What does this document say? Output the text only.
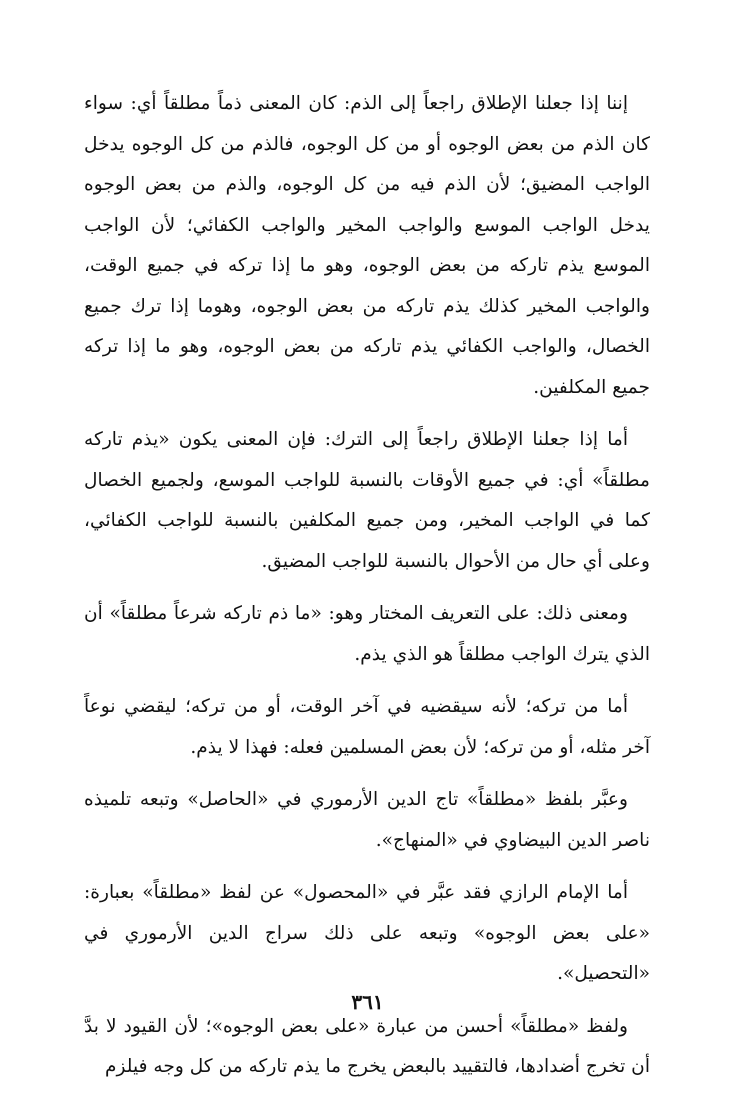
إننا إذا جعلنا الإطلاق راجعاً إلى الذم: كان المعنى ذماً مطلقاً أي: سواء كان الذم من بعض الوجوه أو من كل الوجوه، فالذم من كل الوجوه يدخل الواجب المضيق؛ لأن الذم فيه من كل الوجوه، والذم من بعض الوجوه يدخل الواجب الموسع والواجب المخير والواجب الكفائي؛ لأن الواجب الموسع يذم تاركه من بعض الوجوه، وهو ما إذا تركه في جميع الوقت، والواجب المخير كذلك يذم تاركه من بعض الوجوه، وهوما إذا ترك جميع الخصال، والواجب الكفائي يذم تاركه من بعض الوجوه، وهو ما إذا تركه جميع المكلفين.

أما إذا جعلنا الإطلاق راجعاً إلى الترك: فإن المعنى يكون «يذم تاركه مطلقاً» أي: في جميع الأوقات بالنسبة للواجب الموسع، ولجميع الخصال كما في الواجب المخير، ومن جميع المكلفين بالنسبة للواجب الكفائي، وعلى أي حال من الأحوال بالنسبة للواجب المضيق.

ومعنى ذلك: على التعريف المختار وهو: «ما ذم تاركه شرعاً مطلقاً» أن الذي يترك الواجب مطلقاً هو الذي يذم.

أما من تركه؛ لأنه سيقضيه في آخر الوقت، أو من تركه؛ ليقضي نوعاً آخر مثله، أو من تركه؛ لأن بعض المسلمين فعله: فهذا لا يذم.

وعبَّر بلفظ «مطلقاً» تاج الدين الأرموري في «الحاصل» وتبعه تلميذه ناصر الدين البيضاوي في «المنهاج».

أما الإمام الرازي فقد عبَّر في «المحصول» عن لفظ «مطلقاً» بعبارة: «على بعض الوجوه» وتبعه على ذلك سراج الدين الأرموري في «التحصيل».

ولفظ «مطلقاً» أحسن من عبارة «على بعض الوجوه»؛ لأن القيود لا بدَّ أن تخرج أضدادها، فالتقييد بالبعض يخرج ما يذم تاركه من كل وجه فيلزم

٣٦١
